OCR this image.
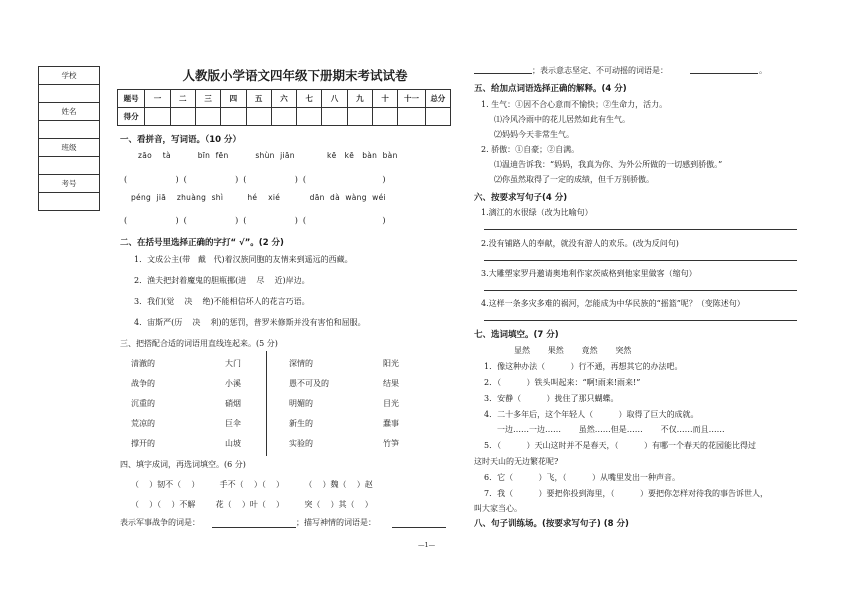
学校

姓名

班级

考号

人教版小学语文四年级下册期末考试试卷
题号	一	二	三	四	五	六	七	八	九	十	十一	总分
得分												
一、看拼音，写词语。（10 分）
zāo    tà          bīn  fēn          shùn  jiān            kē   kē   bàn  bàn
(                   )  (                   )  (                   )  (                              )
péng  jiā    zhuàng  shì         hé    xié           dān  dà  wàng  wéi
(                   )  (                   )  (                   )  (                              )
二、在括号里选择正确的字打“ √”。(2 分)
1．文成公主(带   戴   代)着汉族同胞的友情来到遥远的西藏。
2．渔夫把封着魔鬼的胆瓶挪(进    尽    近)岸边。
3．我们(觉    决    绝)不能相信坏人的花言巧语。
4．宙斯严(历    决    利)的惩罚，普罗米修斯并没有害怕和屈服。
三、把搭配合适的词语用直线连起来。(5 分)
清澈的
战争的
沉重的
荒凉的
撑开的
大门
小溪
硝烟
巨伞
山坡
深情的
愚不可及的
明媚的
新生的
实验的
阳光
结果
目光
蠢事
竹笋
四、填字成词，再选词填空。(6 分)
（    ）韧不（    ）        手不（    ）（    ）        （    ）魏（    ）赵
（    ）（    ）不解        花（    ）叶（    ）        突（    ）其（    ）
表示军事战争的词是：	；描写神情的词语是：
；表示意志坚定、不可动摇的词语是：	。
五、给加点词语选择正确的解释。(4 分)
1. 生气：①因不合心意而不愉快；②生命力，活力。
⑴冷风冷雨中的花儿居然如此有生气。
⑵妈妈今天非常生气。
2. 骄傲：①自豪；②自满。
⑴温迪告诉我：“妈妈，我真为你、为外公所做的一切感到骄傲。”
⑵你虽然取得了一定的成绩，但千万别骄傲。
六、按要求写句子(4 分)
1.漓江的水很绿（改为比喻句）
2.没有铺路人的奉献，就没有游人的欢乐。(改为反问句)
3.大雕塑家罗丹邀请奥地利作家茨威格到他家里做客（缩句）
4.这样一条多灾多难的祸河，怎能成为中华民族的“摇篮”呢？（变陈述句）
七、选词填空。(7 分)
显然       果然       竟然       突然
1．像这种办法（          ）行不通，再想其它的办法吧。
2．（          ）铁头叫起来：“啊!雨来!雨来!”
3．安静（          ）拢住了那只蝴蝶。
4．二十多年后，这个年轻人（          ）取得了巨大的成就。
一边……一边……       虽然……但是……       不仅……而且……
5．（          ）天山这时并不是春天，（          ）有哪一个春天的花园能比得过
这时天山的无边繁花呢?
6．它（          ）飞，（          ）从嘴里发出一种声音。
7．我（          ）要把你投到海里，（          ）要把你怎样对待我的事告诉世人，
叫大家当心。
八、句子训练场。(按要求写句子) (8 分)
—1—
